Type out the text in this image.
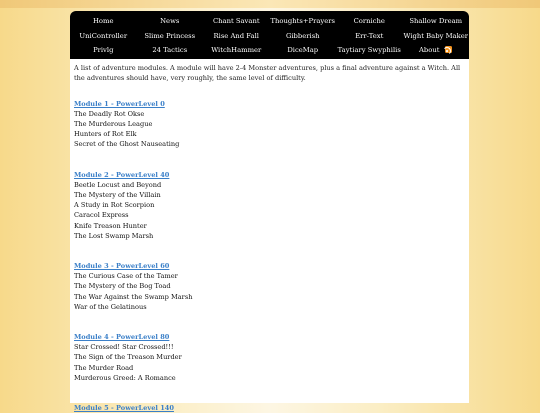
Home	News	Chant Savant	Thoughts+Prayers	Corniche	Shallow Dream
UniController	Slime Princess	Rise And Fall	Gibberish	Err-Text	Wight Baby Maker
Privlg	24 Tactics	WitchHammer	DiceMap	Taytiary Swyphilis	About

A list of adventure modules. A module will have 2-4 Monster adventures, plus a final adventure against a Witch. All the adventures should have, very roughly, the same level of difficulty.

Module 1 - PowerLevel 0
The Deadly Rot Okse
The Murderous League
Hunters of Rot Elk
Secret of the Ghost Nauseating
Module 2 - PowerLevel 40
Beetle Locust and Beyond
The Mystery of the Villain
A Study in Rot Scorpion
Caracol Express
Knife Treason Hunter
The Lost Swamp Marsh
Module 3 - PowerLevel 60
The Curious Case of the Tamer
The Mystery of the Bog Toad
The War Against the Swamp Marsh
War of the Gelatinous
Module 4 - PowerLevel 80
Star Crossed! Star Crossed!!!
The Sign of the Treason Murder
The Murder Road
Murderous Greed: A Romance
Module 5 - PowerLevel 140
